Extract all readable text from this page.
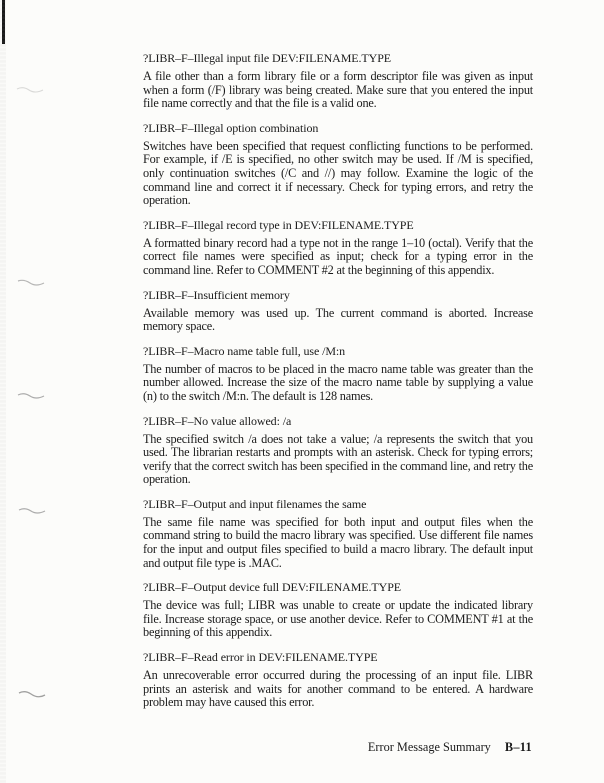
?LIBR–F–Illegal input file DEV:FILENAME.TYPE

A file other than a form library file or a form descriptor file was given as input when a form (/F) library was being created. Make sure that you entered the input file name correctly and that the file is a valid one.

?LIBR–F–Illegal option combination

Switches have been specified that request conflicting functions to be performed. For example, if /E is specified, no other switch may be used. If /M is specified, only continuation switches (/C and //) may follow. Examine the logic of the command line and correct it if necessary. Check for typing errors, and retry the operation.

?LIBR–F–Illegal record type in DEV:FILENAME.TYPE

A formatted binary record had a type not in the range 1–10 (octal). Verify that the correct file names were specified as input; check for a typing error in the command line. Refer to COMMENT #2 at the beginning of this appendix.

?LIBR–F–Insufficient memory

Available memory was used up. The current command is aborted. Increase memory space.

?LIBR–F–Macro name table full, use /M:n

The number of macros to be placed in the macro name table was greater than the number allowed. Increase the size of the macro name table by supplying a value (n) to the switch /M:n. The default is 128 names.

?LIBR–F–No value allowed: /a

The specified switch /a does not take a value; /a represents the switch that you used. The librarian restarts and prompts with an asterisk. Check for typing errors; verify that the correct switch has been specified in the command line, and retry the operation.

?LIBR–F–Output and input filenames the same

The same file name was specified for both input and output files when the command string to build the macro library was specified. Use different file names for the input and output files specified to build a macro library. The default input and output file type is .MAC.

?LIBR–F–Output device full DEV:FILENAME.TYPE

The device was full; LIBR was unable to create or update the indicated library file. Increase storage space, or use another device. Refer to COMMENT #1 at the beginning of this appendix.

?LIBR–F–Read error in DEV:FILENAME.TYPE

An unrecoverable error occurred during the processing of an input file. LIBR prints an asterisk and waits for another command to be entered. A hardware problem may have caused this error.

Error Message Summary B–11
